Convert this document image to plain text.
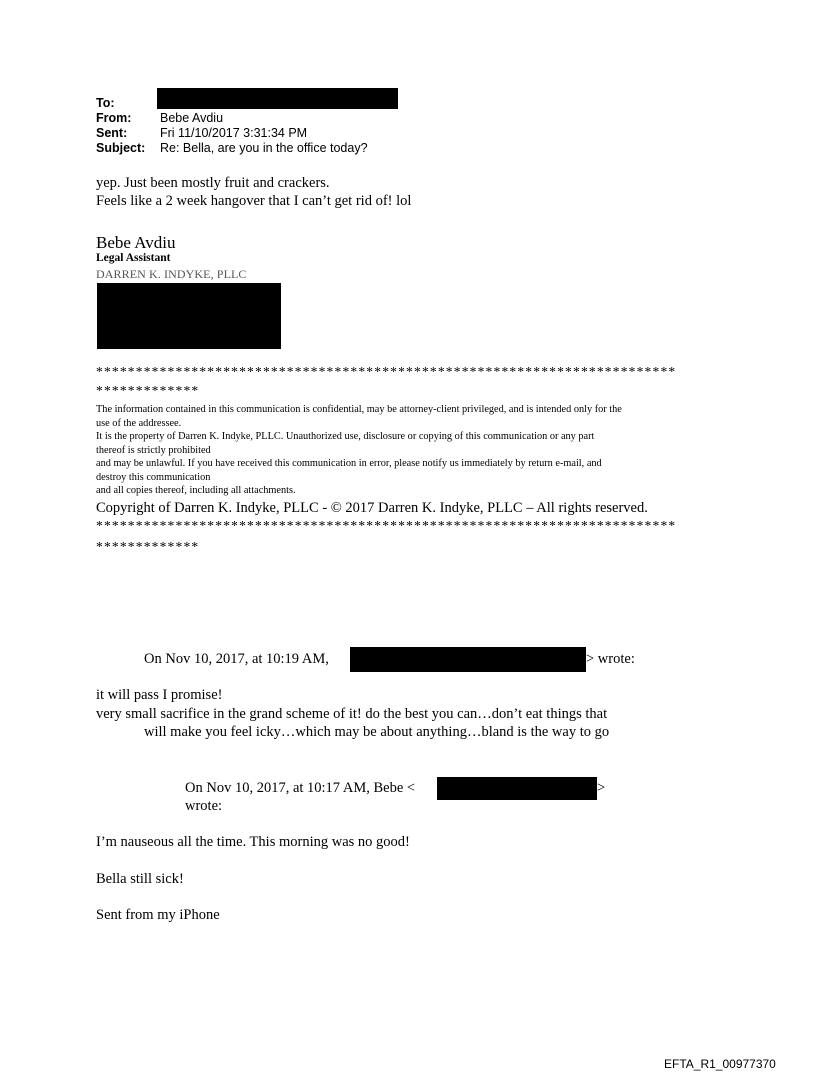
To:
From: Bebe Avdiu
Sent:	Fri 11/10/2017 3:31:34 PM
Subject: Re: Bella, are you in the office today?
yep. Just been mostly fruit and crackers.
Feels like a 2 week hangover that I can’t get rid of! lol
Bebe Avdiu
Legal Assistant
DARREN K. INDYKE, PLLC
*************************************************************************
*************
The information contained in this communication is confidential, may be attorney-client privileged, and is intended only for the
use of the addressee.
It is the property of Darren K. Indyke, PLLC. Unauthorized use, disclosure or copying of this communication or any part
thereof is strictly prohibited
and may be unlawful. If you have received this communication in error, please notify us immediately by return e-mail, and
destroy this communication
and all copies thereof, including all attachments.
Copyright of Darren K. Indyke, PLLC - © 2017 Darren K. Indyke, PLLC – All rights reserved.
*************************************************************************
*************
On Nov 10, 2017, at 10:19 AM,	> wrote:
it will pass I promise!
very small sacrifice in the grand scheme of it! do the best you can…don’t eat things that
will make you feel icky…which may be about anything…bland is the way to go
On Nov 10, 2017, at 10:17 AM, Bebe <	>
wrote:
I’m nauseous all the time. This morning was no good!
Bella still sick!
Sent from my iPhone
EFTA_R1_00977370
